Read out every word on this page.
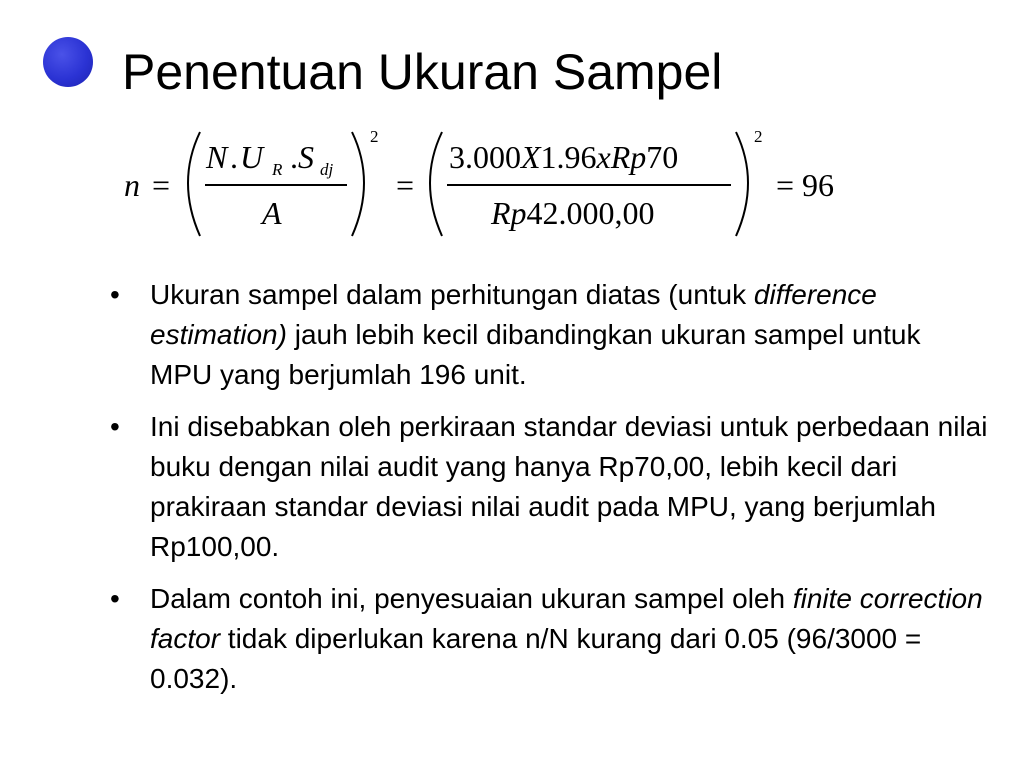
Penentuan Ukuran Sampel
n =
N . U R . S dj
A
2
=
3.000X1.96xRp70
Rp42.000,00
2
= 96
• Ukuran sampel dalam perhitungan diatas (untuk difference estimation) jauh lebih kecil dibandingkan ukuran sampel untuk MPU yang berjumlah 196 unit.
• Ini disebabkan oleh perkiraan standar deviasi untuk perbedaan nilai buku dengan nilai audit yang hanya Rp70,00, lebih kecil dari prakiraan standar deviasi nilai audit pada MPU, yang berjumlah Rp100,00.
• Dalam contoh ini, penyesuaian ukuran sampel oleh finite correction factor tidak diperlukan karena n/N kurang dari 0.05 (96/3000 = 0.032).
